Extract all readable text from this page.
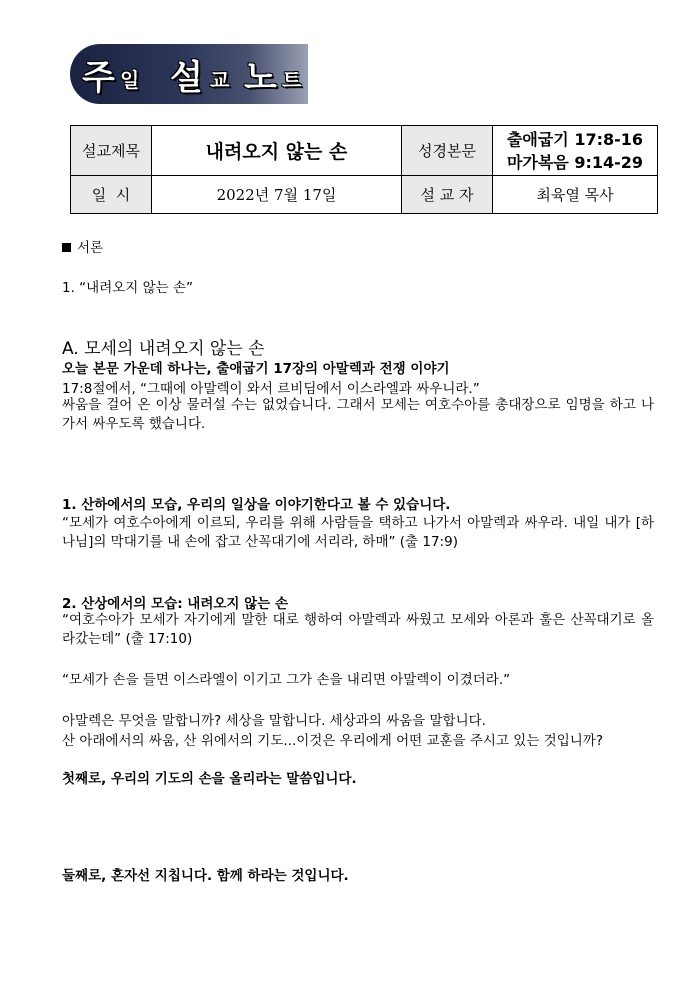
주 일 설 교 노 트
설교제목	내려오지 않는 손	성경본문	출애굽기 17:8-16
마가복음 9:14-29

일  시	2022년 7월 17일	설 교 자	최육열 목사
서론
1. “내려오지 않는 손”
A. 모세의 내려오지 않는 손
오늘 본문 가운데 하나는, 출애굽기 17장의 아말렉과 전쟁 이야기
17:8절에서, “그때에 아말렉이 와서 르비딤에서 이스라엘과 싸우니라.”
싸움을 걸어 온 이상 물러설 수는 없었습니다. 그래서 모세는 여호수아를 총대장으로 임명을 하고 나가서 싸우도록 했습니다.
1. 산하에서의 모습, 우리의 일상을 이야기한다고 볼 수 있습니다.
“모세가 여호수아에게 이르되, 우리를 위해 사람들을 택하고 나가서 아말렉과 싸우라. 내일 내가 [하나님]의 막대기를 내 손에 잡고 산꼭대기에 서리라, 하매” (출 17:9)
2. 산상에서의 모습: 내려오지 않는 손
“여호수아가 모세가 자기에게 말한 대로 행하여 아말렉과 싸웠고 모세와 아론과 훌은 산꼭대기로 올라갔는데” (출 17:10)
“모세가 손을 들면 이스라엘이 이기고 그가 손을 내리면 아말렉이 이겼더라.”
아말렉은 무엇을 말합니까? 세상을 말합니다. 세상과의 싸움을 말합니다.
산 아래에서의 싸움, 산 위에서의 기도...이것은 우리에게 어떤 교훈을 주시고 있는 것입니까?
첫째로, 우리의 기도의 손을 올리라는 말씀입니다.
둘째로, 혼자선 지칩니다. 함께 하라는 것입니다.
